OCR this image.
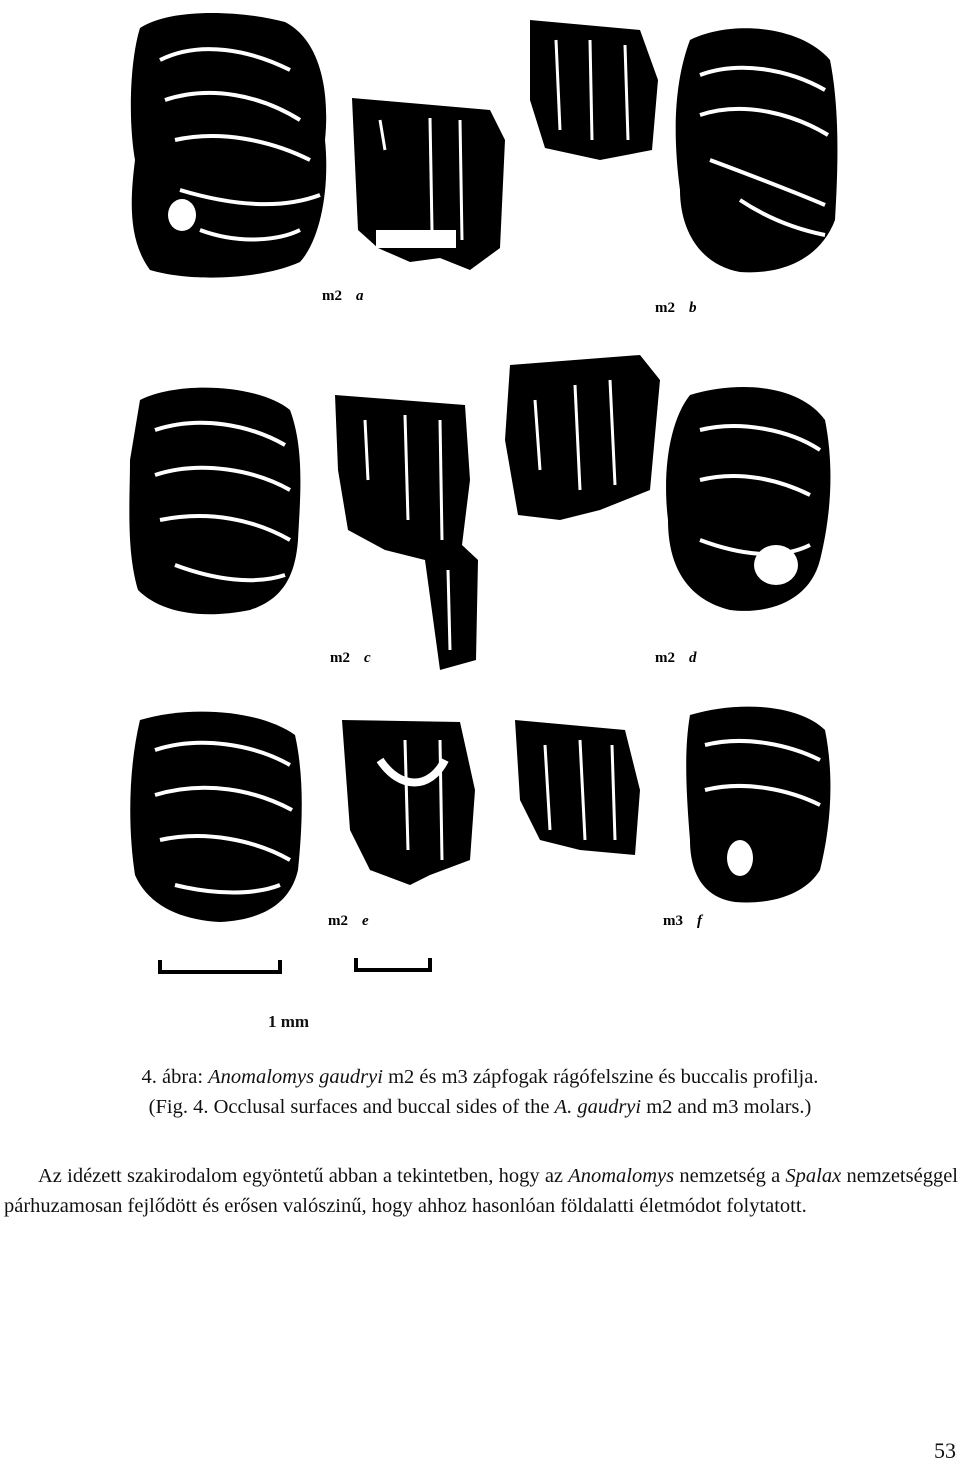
m2 a
m2 b
m2 c	m2 d
m2 e	m3 f
1 mm
4. ábra: Anomalomys gaudryi m2 és m3 zápfogak rágófelszine és buccalis profilja.
(Fig. 4. Occlusal surfaces and buccal sides of the A. gaudryi m2 and m3 molars.)

Az idézett szakirodalom egyöntetű abban a tekintetben, hogy az Anomalomys nemzetség a Spalax nemzetséggel párhuzamosan fejlődött és erősen valószinű, hogy ahhoz hasonlóan földalatti életmódot folytatott.

53
